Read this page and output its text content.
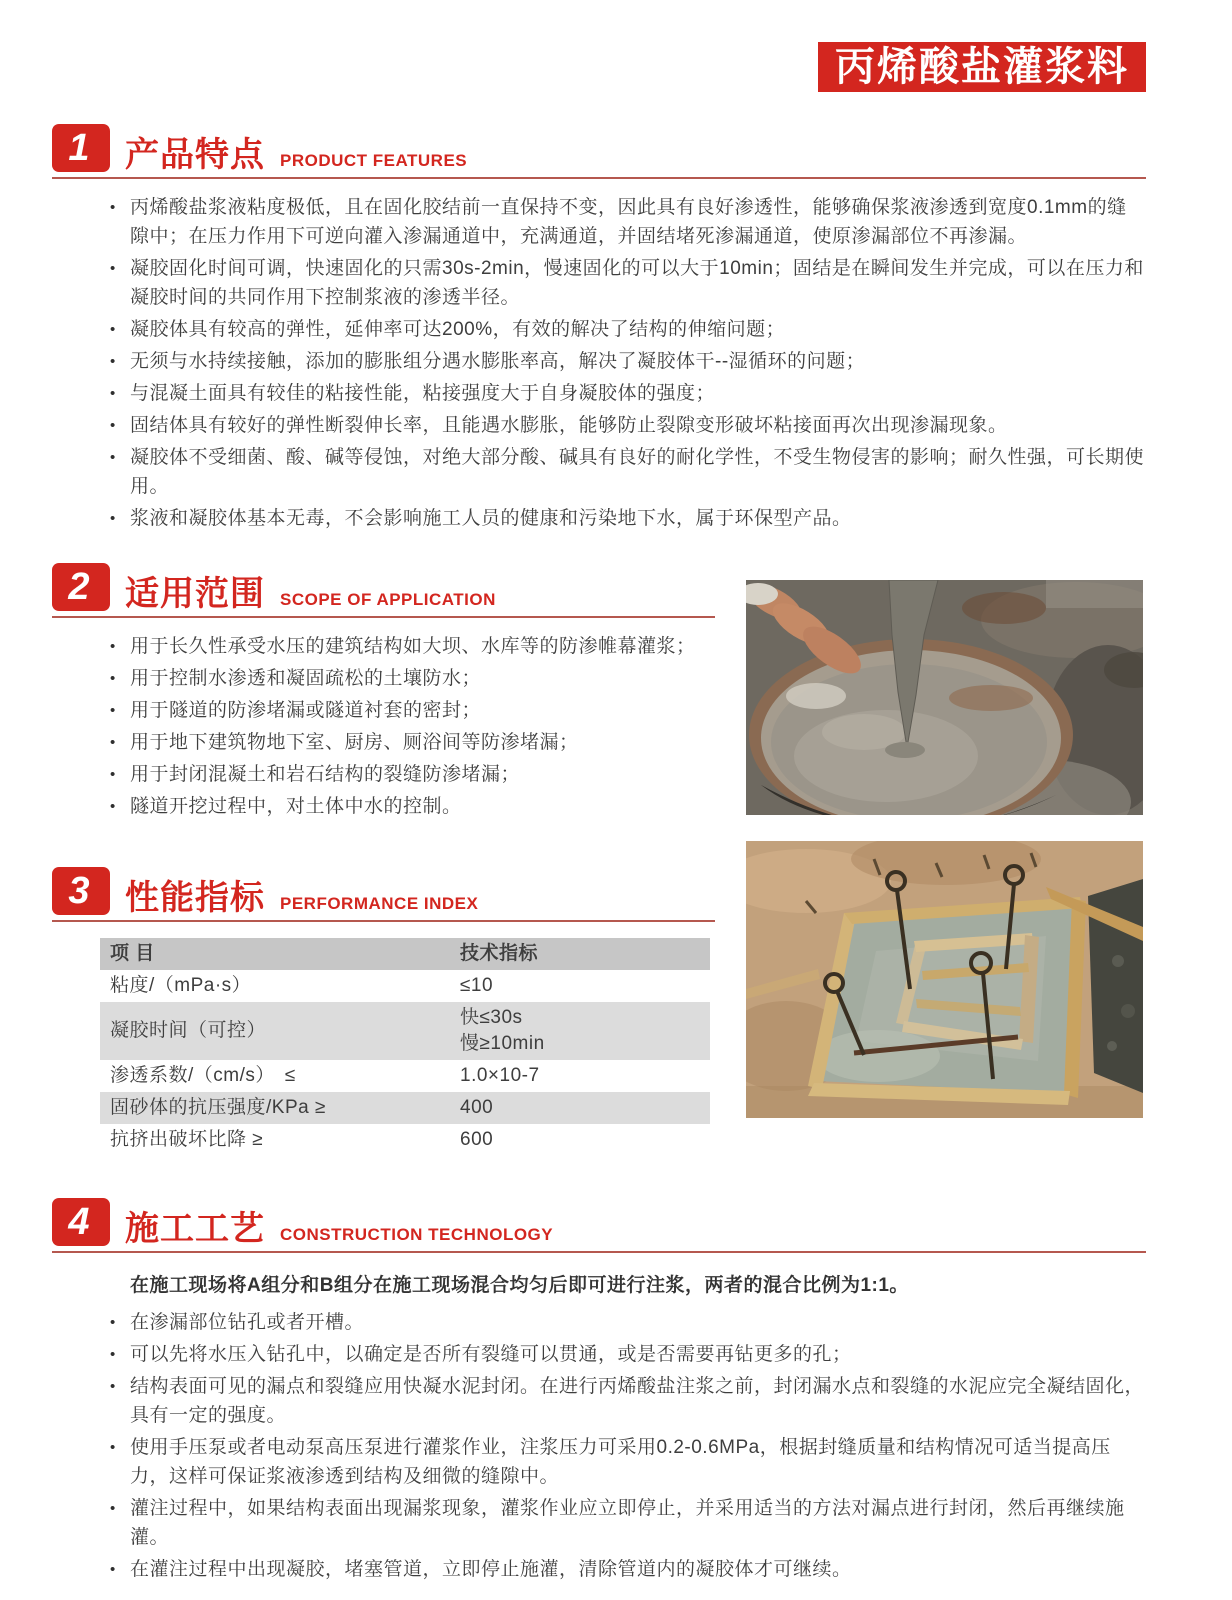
丙烯酸盐灌浆料
1	产品特点 PRODUCT FEATURES
• 丙烯酸盐浆液粘度极低，且在固化胶结前一直保持不变，因此具有良好渗透性，能够确保浆液渗透到宽度0.1mm的缝隙中；在压力作用下可逆向灌入渗漏通道中，充满通道，并固结堵死渗漏通道，使原渗漏部位不再渗漏。
• 凝胶固化时间可调，快速固化的只需30s-2min，慢速固化的可以大于10min；固结是在瞬间发生并完成，可以在压力和凝胶时间的共同作用下控制浆液的渗透半径。
• 凝胶体具有较高的弹性，延伸率可达200%，有效的解决了结构的伸缩问题；
• 无须与水持续接触，添加的膨胀组分遇水膨胀率高，解决了凝胶体干--湿循环的问题；
• 与混凝土面具有较佳的粘接性能，粘接强度大于自身凝胶体的强度；
• 固结体具有较好的弹性断裂伸长率，且能遇水膨胀，能够防止裂隙变形破坏粘接面再次出现渗漏现象。
• 凝胶体不受细菌、酸、碱等侵蚀，对绝大部分酸、碱具有良好的耐化学性，不受生物侵害的影响；耐久性强，可长期使用。
• 浆液和凝胶体基本无毒，不会影响施工人员的健康和污染地下水，属于环保型产品。
2	适用范围 SCOPE OF APPLICATION
• 用于长久性承受水压的建筑结构如大坝、水库等的防渗帷幕灌浆；
• 用于控制水渗透和凝固疏松的土壤防水；
• 用于隧道的防渗堵漏或隧道衬套的密封；
• 用于地下建筑物地下室、厨房、厕浴间等防渗堵漏；
• 用于封闭混凝土和岩石结构的裂缝防渗堵漏；
• 隧道开挖过程中，对土体中水的控制。
3	性能指标 PERFORMANCE INDEX
项 目	技术指标
粘度/（mPa·s）	≤10
凝胶时间（可控）	快≤30s
慢≥10min

渗透系数/（cm/s）　≤	1.0×10-7
固砂体的抗压强度/KPa ≥	400
抗挤出破坏比降 ≥	600
4	施工工艺 CONSTRUCTION TECHNOLOGY
在施工现场将A组分和B组分在施工现场混合均匀后即可进行注浆，两者的混合比例为1:1。
• 在渗漏部位钻孔或者开槽。
• 可以先将水压入钻孔中，以确定是否所有裂缝可以贯通，或是否需要再钻更多的孔；
• 结构表面可见的漏点和裂缝应用快凝水泥封闭。在进行丙烯酸盐注浆之前，封闭漏水点和裂缝的水泥应完全凝结固化，具有一定的强度。
• 使用手压泵或者电动泵高压泵进行灌浆作业，注浆压力可采用0.2-0.6MPa，根据封缝质量和结构情况可适当提高压力，这样可保证浆液渗透到结构及细微的缝隙中。
• 灌注过程中，如果结构表面出现漏浆现象，灌浆作业应立即停止，并采用适当的方法对漏点进行封闭，然后再继续施灌。
• 在灌注过程中出现凝胶，堵塞管道，立即停止施灌，清除管道内的凝胶体才可继续。
